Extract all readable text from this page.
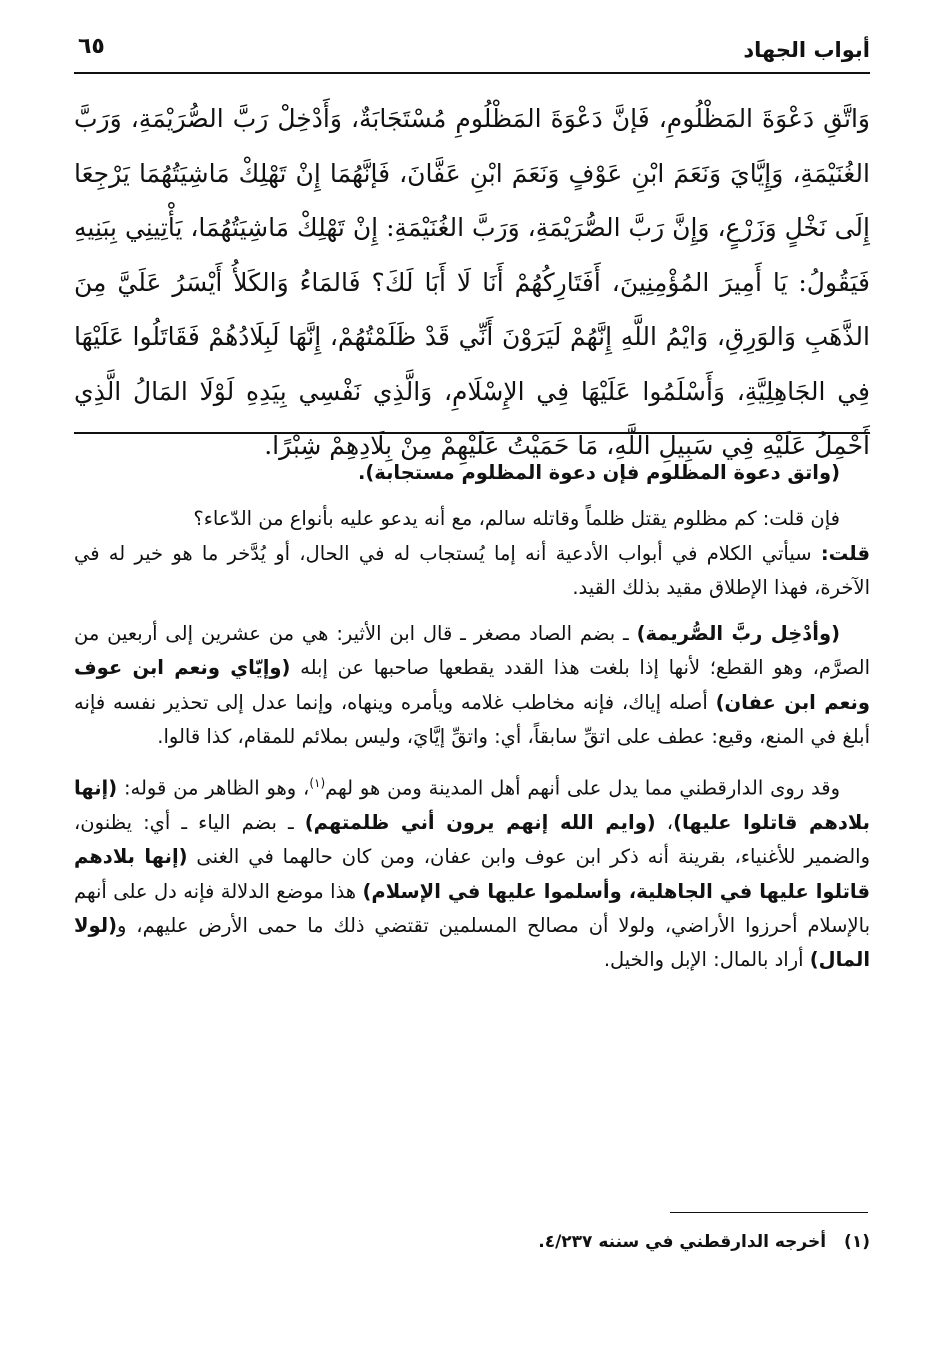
أبواب الجهاد
٦٥
وَاتَّقِ دَعْوَةَ المَظْلُومِ، فَإنَّ دَعْوَةَ المَظْلُومِ مُسْتَجَابَةٌ، وَأَدْخِلْ رَبَّ الصُّرَيْمَةِ، وَرَبَّ الغُنَيْمَةِ، وَإِيَّايَ وَنَعَمَ ابْنِ عَوْفٍ وَنَعَمَ ابْنِ عَفَّانَ، فَإنَّهُمَا إِنْ تَهْلِكْ مَاشِيَتُهُمَا يَرْجِعَا إِلَى نَخْلٍ وَزَرْعٍ، وَإِنَّ رَبَّ الصُّرَيْمَةِ، وَرَبَّ الغُنَيْمَةِ: إِنْ تَهْلِكْ مَاشِيَتُهُمَا، يَأْتِينِي بِبَنِيهِ فَيَقُولُ: يَا أَمِيرَ المُؤْمِنِينَ، أَفَتَارِكُهُمْ أَنَا لَا أَبَا لَكَ؟ فَالمَاءُ وَالكَلأُ أَيْسَرُ عَلَيَّ مِنَ الذَّهَبِ وَالوَرِقِ، وَايْمُ اللَّهِ إِنَّهُمْ لَيَرَوْنَ أَنِّي قَدْ ظَلَمْتُهُمْ، إِنَّهَا لَبِلَادُهُمْ فَقَاتَلُوا عَلَيْهَا فِي الجَاهِلِيَّةِ، وَأَسْلَمُوا عَلَيْهَا فِي الإِسْلَامِ، وَالَّذِي نَفْسِي بِيَدِهِ لَوْلَا المَالُ الَّذِي أَحْمِلُ عَلَيْهِ فِي سَبِيلِ اللَّهِ، مَا حَمَيْتُ عَلَيْهِمْ مِنْ بِلَادِهِمْ شِبْرًا.

(واتق دعوة المظلوم فإن دعوة المظلوم مستجابة).

فإن قلت: كم مظلوم يقتل ظلماً وقاتله سالم، مع أنه يدعو عليه بأنواع من الدّعاء؟
قلت: سيأتي الكلام في أبواب الأدعية أنه إما يُستجاب له في الحال، أو يُدَّخر ما هو خير له في الآخرة، فهذا الإطلاق مقيد بذلك القيد.

(وأدْخِل ربَّ الصُّريمة) ـ بضم الصاد مصغر ـ قال ابن الأثير: هي من عشرين إلى أربعين من الصرَّم، وهو القطع؛ لأنها إذا بلغت هذا القدد يقطعها صاحبها عن إبله (وإيّاي ونعم ابن عوف ونعم ابن عفان) أصله إياك، فإنه مخاطب غلامه ويأمره وينهاه، وإنما عدل إلى تحذير نفسه فإنه أبلغ في المنع، وقيع: عطف على اتقِّ سابقاً، أي: واتقِّ إيَّايَ، وليس بملائم للمقام، كذا قالوا.

وقد روى الدارقطني مما يدل على أنهم أهل المدينة ومن هو لهم$^{(١)}$، وهو الظاهر من قوله: (إنها بلادهم قاتلوا عليها)، (وايم الله إنهم يرون أني ظلمتهم) ـ بضم الياء ـ أي: يظنون، والضمير للأغنياء، بقرينة أنه ذكر ابن عوف وابن عفان، ومن كان حالهما في الغنى (إنها بلادهم قاتلوا عليها في الجاهلية، وأسلموا عليها في الإسلام) هذا موضع الدلالة فإنه دل على أنهم بالإسلام أحرزوا الأراضي، ولولا أن مصالح المسلمين تقتضي ذلك ما حمى الأرض عليهم، و(لولا المال) أراد بالمال: الإبل والخيل.

(١)أخرجه الدارقطني في سننه ٤/٢٣٧.
